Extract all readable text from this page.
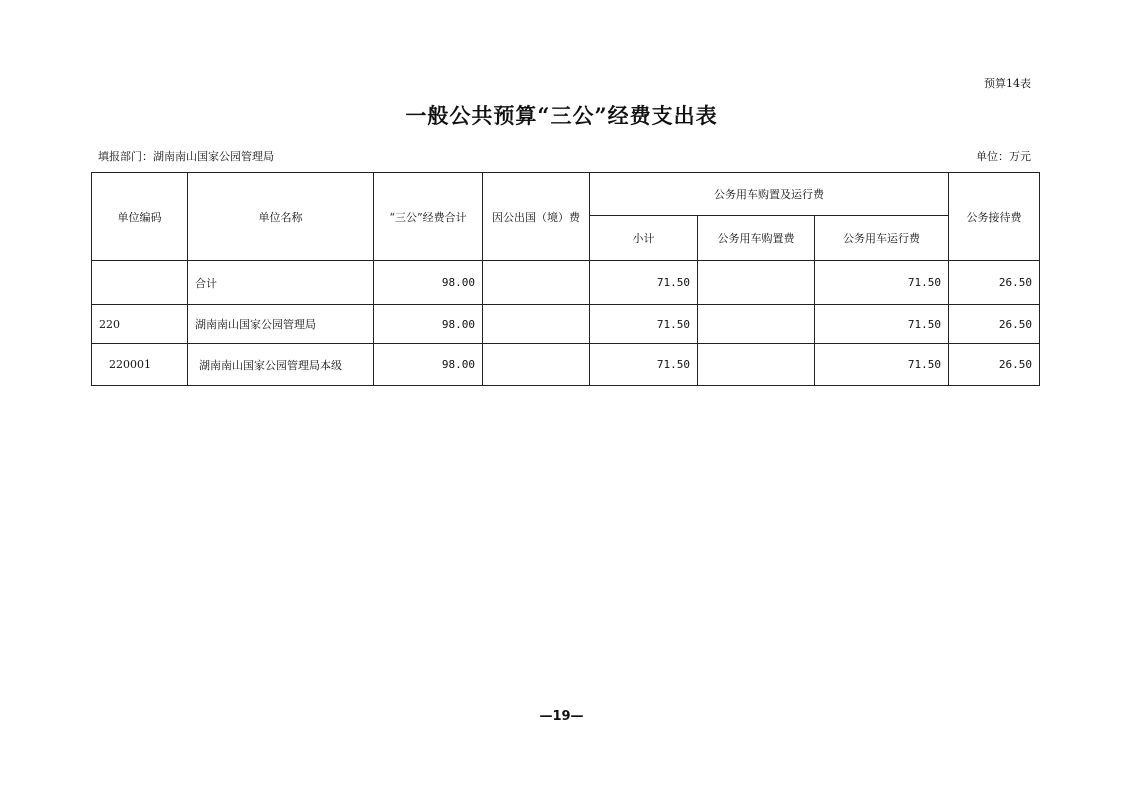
预算14表
一般公共预算“三公”经费支出表
填报部门：湖南南山国家公园管理局	单位：万元
单位编码	单位名称	“三公”经费合计	因公出国（境）费	公务用车购置及运行费			公务接待费
				小计	公务用车购置费	公务用车运行费	
	合计	98.00		71.50		71.50	26.50
220	湖南南山国家公园管理局	98.00		71.50		71.50	26.50
220001	湖南南山国家公园管理局本级	98.00		71.50		71.50	26.50
—19—
